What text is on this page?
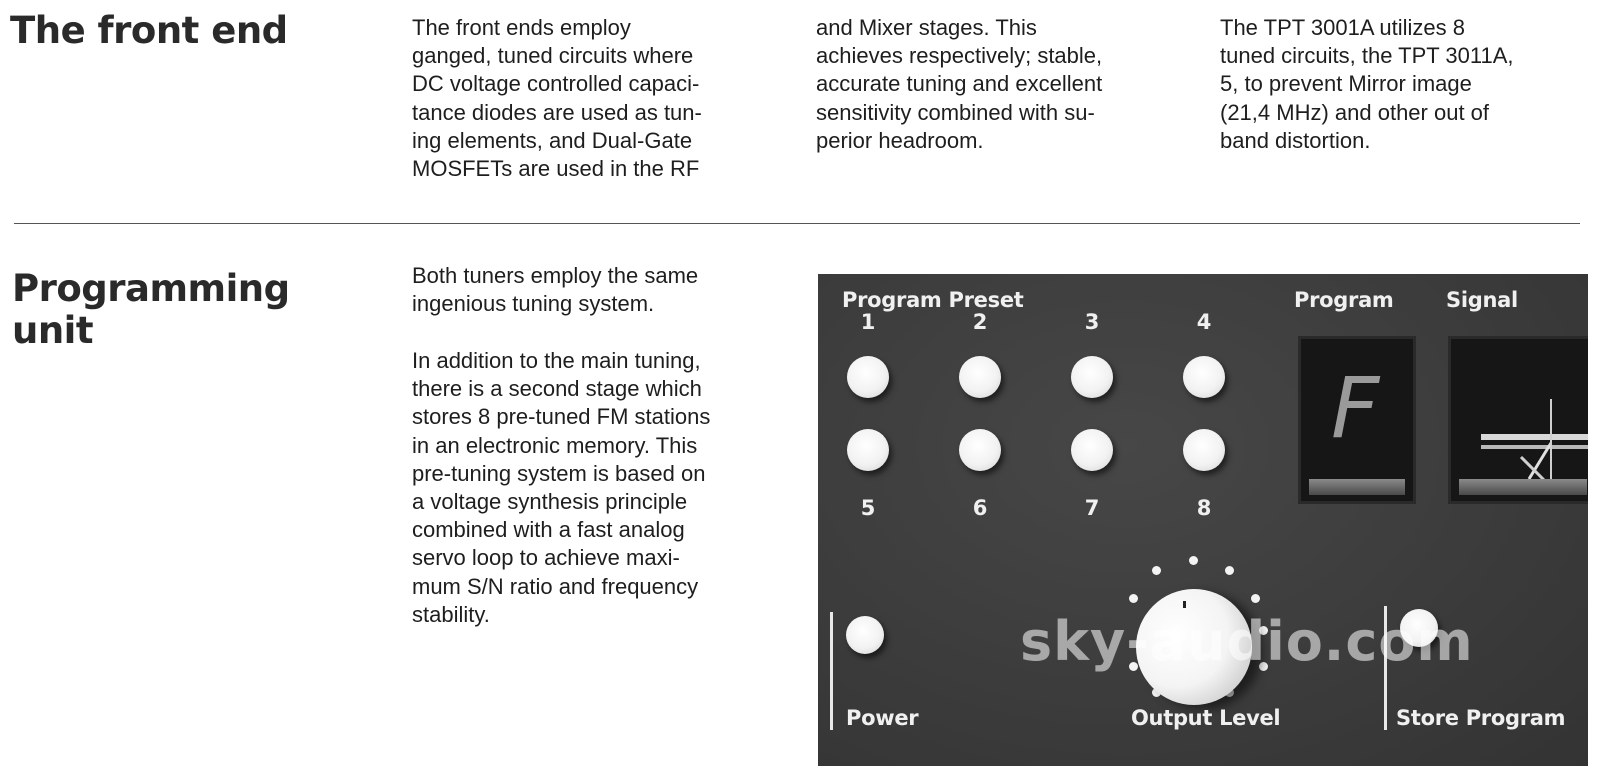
The front end	The front ends employ
ganged, tuned circuits where
DC voltage controlled capaci-
tance diodes are used as tun-
ing elements, and Dual-Gate
MOSFETs are used in the RF

and Mixer stages. This
achieves respectively; stable,
accurate tuning and excellent
sensitivity combined with su-
perior headroom.

The TPT 3001A utilizes 8
tuned circuits, the TPT 3011A,
5, to prevent Mirror image
(21,4 MHz) and other out of
band distortion.

Programming
unit

Both tuners employ the same
ingenious tuning system.

In addition to the main tuning,
there is a second stage which
stores 8 pre-tuned FM stations
in an electronic memory. This
pre-tuning system is based on
a voltage synthesis principle
combined with a fast analog
servo loop to achieve maxi-
mum S/N ratio and frequency
stability.

Program Preset	Program Signal
1	2	3	4
5	6	7	8
F
Power	Output Level	Store Program
sky-audio.com
